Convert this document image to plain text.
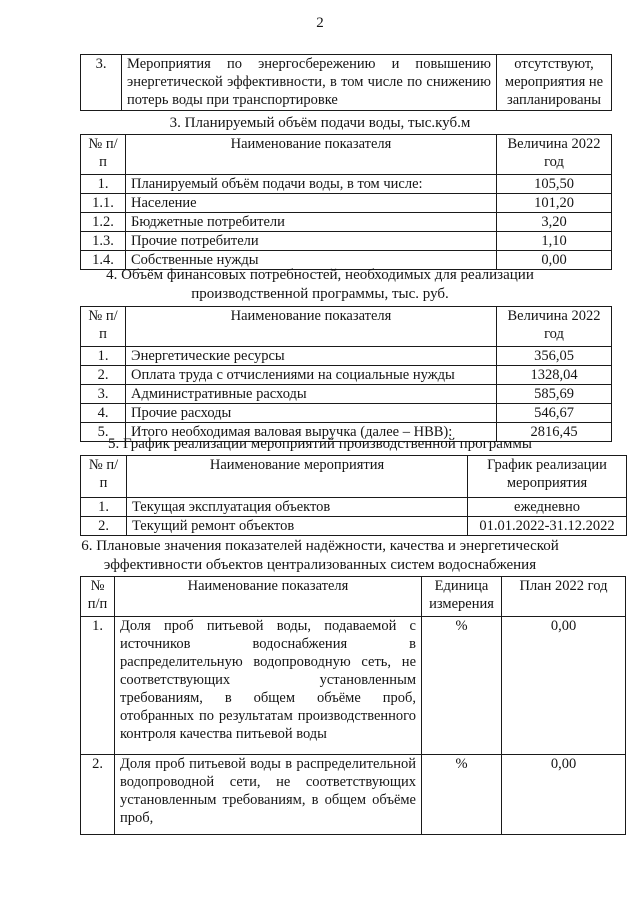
2
3.	Мероприятия по энергосбережению и повышению энергетической эффективности, в том числе по снижению потерь воды при транспортировке	отсутствуют, мероприятия не запланированы
3. Планируемый объём подачи воды, тыс.куб.м
№ п/п	Наименование показателя	Величина 2022 год
1.	Планируемый объём подачи воды, в том числе:	105,50
1.1.	Население	101,20
1.2.	Бюджетные потребители	3,20
1.3.	Прочие потребители	1,10
1.4.	Собственные нужды	0,00
4. Объём финансовых потребностей, необходимых для реализации
производственной программы, тыс. руб.
№ п/п	Наименование показателя	Величина 2022 год
1.	Энергетические ресурсы	356,05
2.	Оплата труда с отчислениями на социальные нужды	1328,04
3.	Административные расходы	585,69
4.	Прочие расходы	546,67
5.	Итого необходимая валовая выручка (далее – НВВ):	2816,45
5. График реализации мероприятий производственной программы
№ п/п	Наименование мероприятия	График реализации мероприятия
1.	Текущая эксплуатация объектов	ежедневно
2.	Текущий ремонт объектов	01.01.2022-31.12.2022
6. Плановые значения показателей надёжности, качества и энергетической
эффективности объектов централизованных систем водоснабжения
№ п/п	Наименование показателя	Единица измерения	План 2022 год
1.	Доля проб питьевой воды, подаваемой с источников водоснабжения в распределительную водопроводную сеть, не соответствующих установленным требованиям, в общем объёме проб, отобранных по результатам производственного контроля качества питьевой воды	%	0,00
2.	Доля проб питьевой воды в распределительной водопроводной сети, не соответствующих установленным требованиям, в общем объёме проб,	%	0,00
